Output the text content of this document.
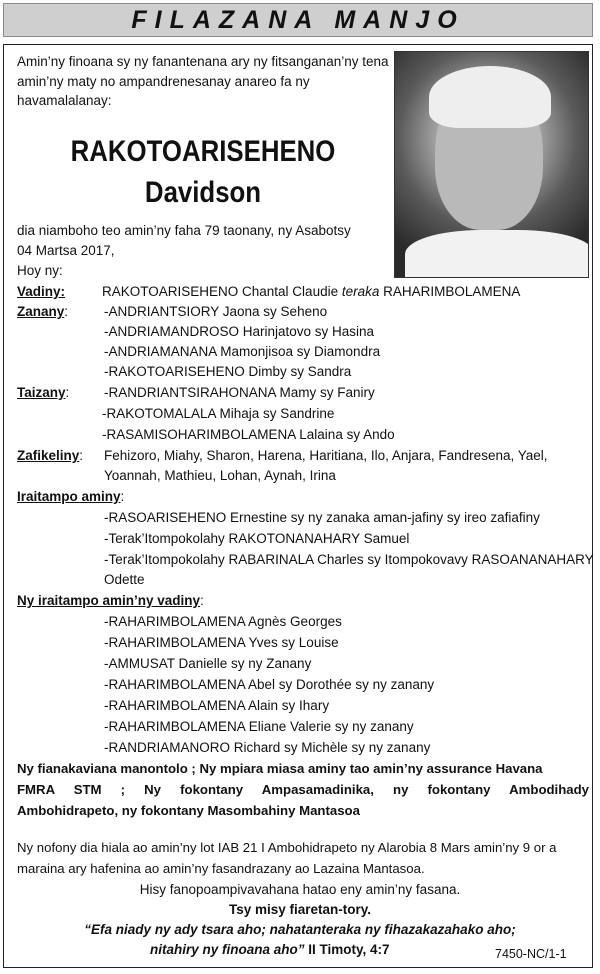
FILAZANA MANJO
Amin’ny finoana sy ny fanantenana ary ny fitsanganan’ny tena amin’ny maty no ampandrenesanay anareo fa ny havamalalanay:
RAKOTOARISEHENO
Davidson
dia niamboho teo amin’ny faha 79 taonany, ny Asabotsy
04 Martsa 2017,
Hoy ny:
Vadiny:	RAKOTOARISEHENO Chantal Claudie teraka RAHARIMBOLAMENA
Zanany:	-ANDRIANTSIORY Jaona sy Seheno
-ANDRIAMANDROSO Harinjatovo sy Hasina
-ANDRIAMANANA Mamonjisoa sy Diamondra
-RAKOTOARISEHENO Dimby sy Sandra
Taizany:	-RANDRIANTSIRAHONANA Mamy sy Faniry
-RAKOTOMALALA Mihaja sy Sandrine
-RASAMISOHARIMBOLAMENA Lalaina sy Ando
Zafikeliny: Fehizoro, Miahy, Sharon, Harena, Haritiana, Ilo, Anjara, Fandresena, Yael,
Yoannah, Mathieu, Lohan, Aynah, Irina
Iraitampo aminy:
-RASOARISEHENO Ernestine sy ny zanaka aman-jafiny sy ireo zafiafiny
-Terak’Itompokolahy RAKOTONANAHARY Samuel
-Terak’Itompokolahy RABARINALA Charles sy Itompokovavy RASOANANAHARY
Odette
Ny iraitampo amin’ny vadiny:
-RAHARIMBOLAMENA Agnès Georges
-RAHARIMBOLAMENA Yves sy Louise
-AMMUSAT Danielle sy ny Zanany
-RAHARIMBOLAMENA Abel sy Dorothée sy ny zanany
-RAHARIMBOLAMENA Alain sy Ihary
-RAHARIMBOLAMENA Eliane Valerie sy ny zanany
-RANDRIAMANORO Richard sy Michèle sy ny zanany
Ny fianakaviana manontolo ; Ny mpiara miasa aminy tao amin’ny assurance Havana
FMRA STM ; Ny fokontany Ampasamadinika, ny fokontany Ambodihady
Ambohidrapeto, ny fokontany Masombahiny Mantasoa
Ny nofony dia hiala ao amin’ny lot IAB 21 I Ambohidrapeto ny Alarobia 8 Mars amin’ny 9 or a
maraina ary hafenina ao amin’ny fasandrazany ao Lazaina Mantasoa.
Hisy fanopoampivavahana hatao eny amin’ny fasana.
Tsy misy fiaretan-tory.
“Efa niady ny ady tsara aho; nahatanteraka ny fihazakazahako aho;
nitahiry ny finoana aho” II Timoty, 4:7	7450-NC/1-1
